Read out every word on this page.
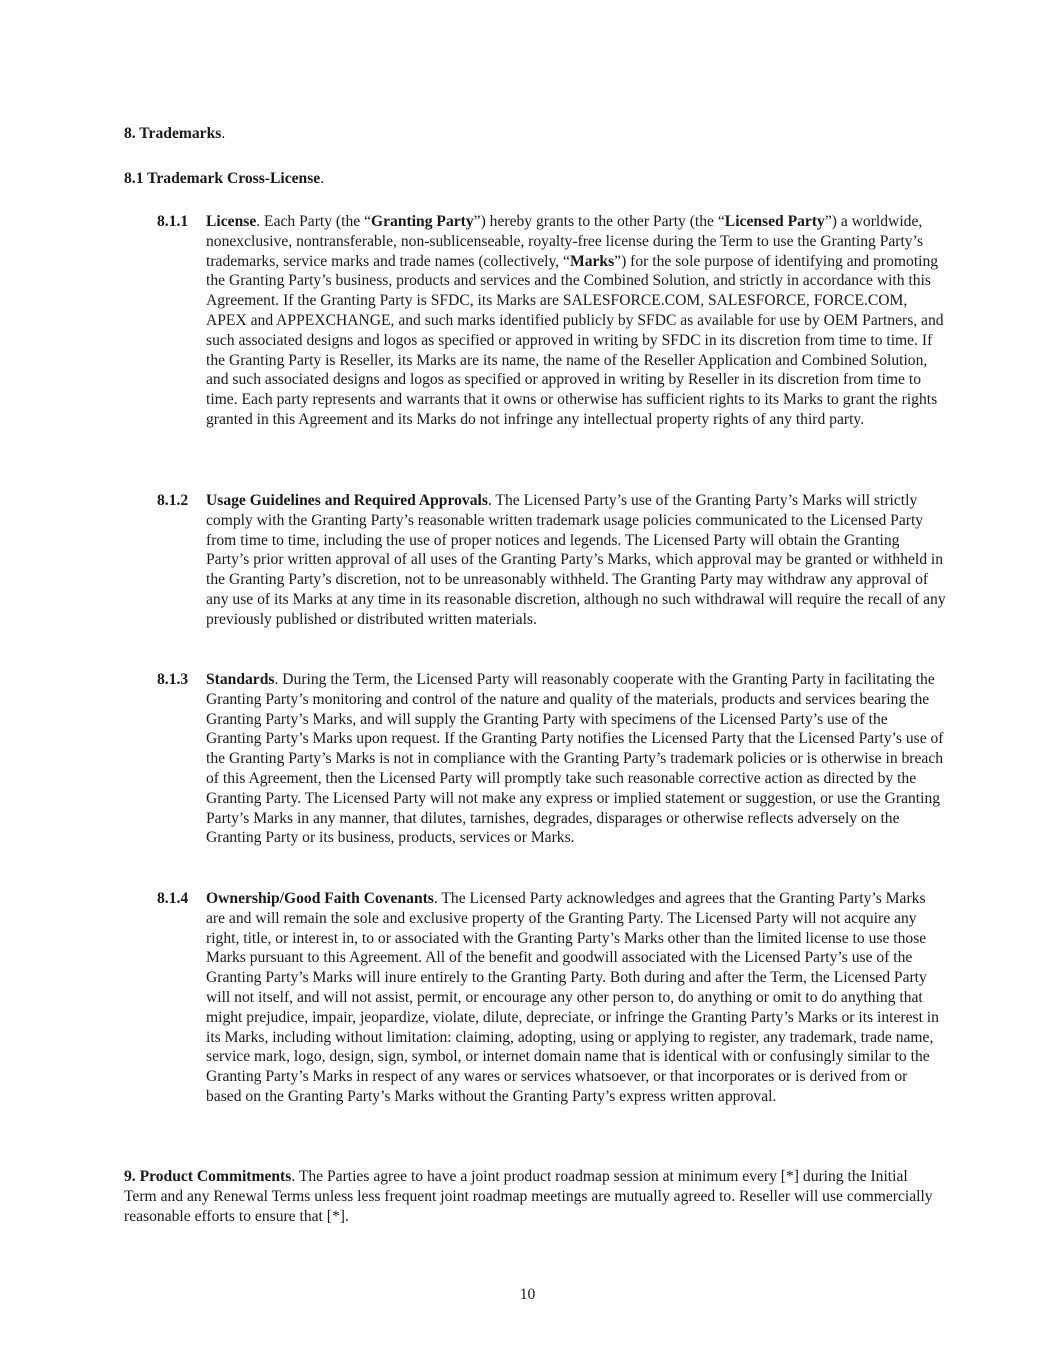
8. Trademarks.

8.1 Trademark Cross-License.

8.1.1 License. Each Party (the “Granting Party”) hereby grants to the other Party (the “Licensed Party”) a worldwide, nonexclusive, nontransferable, non-sublicenseable, royalty-free license during the Term to use the Granting Party’s trademarks, service marks and trade names (collectively, “Marks”) for the sole purpose of identifying and promoting the Granting Party’s business, products and services and the Combined Solution, and strictly in accordance with this Agreement. If the Granting Party is SFDC, its Marks are SALESFORCE.COM, SALESFORCE, FORCE.COM, APEX and APPEXCHANGE, and such marks identified publicly by SFDC as available for use by OEM Partners, and such associated designs and logos as specified or approved in writing by SFDC in its discretion from time to time. If the Granting Party is Reseller, its Marks are its name, the name of the Reseller Application and Combined Solution, and such associated designs and logos as specified or approved in writing by Reseller in its discretion from time to time. Each party represents and warrants that it owns or otherwise has sufficient rights to its Marks to grant the rights granted in this Agreement and its Marks do not infringe any intellectual property rights of any third party.
8.1.2 Usage Guidelines and Required Approvals. The Licensed Party’s use of the Granting Party’s Marks will strictly comply with the Granting Party’s reasonable written trademark usage policies communicated to the Licensed Party from time to time, including the use of proper notices and legends. The Licensed Party will obtain the Granting Party’s prior written approval of all uses of the Granting Party’s Marks, which approval may be granted or withheld in the Granting Party’s discretion, not to be unreasonably withheld. The Granting Party may withdraw any approval of any use of its Marks at any time in its reasonable discretion, although no such withdrawal will require the recall of any previously published or distributed written materials.
8.1.3 Standards. During the Term, the Licensed Party will reasonably cooperate with the Granting Party in facilitating the Granting Party’s monitoring and control of the nature and quality of the materials, products and services bearing the Granting Party’s Marks, and will supply the Granting Party with specimens of the Licensed Party’s use of the Granting Party’s Marks upon request. If the Granting Party notifies the Licensed Party that the Licensed Party’s use of the Granting Party’s Marks is not in compliance with the Granting Party’s trademark policies or is otherwise in breach of this Agreement, then the Licensed Party will promptly take such reasonable corrective action as directed by the Granting Party. The Licensed Party will not make any express or implied statement or suggestion, or use the Granting Party’s Marks in any manner, that dilutes, tarnishes, degrades, disparages or otherwise reflects adversely on the Granting Party or its business, products, services or Marks.
8.1.4 Ownership/Good Faith Covenants. The Licensed Party acknowledges and agrees that the Granting Party’s Marks are and will remain the sole and exclusive property of the Granting Party. The Licensed Party will not acquire any right, title, or interest in, to or associated with the Granting Party’s Marks other than the limited license to use those Marks pursuant to this Agreement. All of the benefit and goodwill associated with the Licensed Party’s use of the Granting Party’s Marks will inure entirely to the Granting Party. Both during and after the Term, the Licensed Party will not itself, and will not assist, permit, or encourage any other person to, do anything or omit to do anything that might prejudice, impair, jeopardize, violate, dilute, depreciate, or infringe the Granting Party’s Marks or its interest in its Marks, including without limitation: claiming, adopting, using or applying to register, any trademark, trade name, service mark, logo, design, sign, symbol, or internet domain name that is identical with or confusingly similar to the Granting Party’s Marks in respect of any wares or services whatsoever, or that incorporates or is derived from or based on the Granting Party’s Marks without the Granting Party’s express written approval.
9. Product Commitments. The Parties agree to have a joint product roadmap session at minimum every [*] during the Initial Term and any Renewal Terms unless less frequent joint roadmap meetings are mutually agreed to. Reseller will use commercially reasonable efforts to ensure that [*].
10
